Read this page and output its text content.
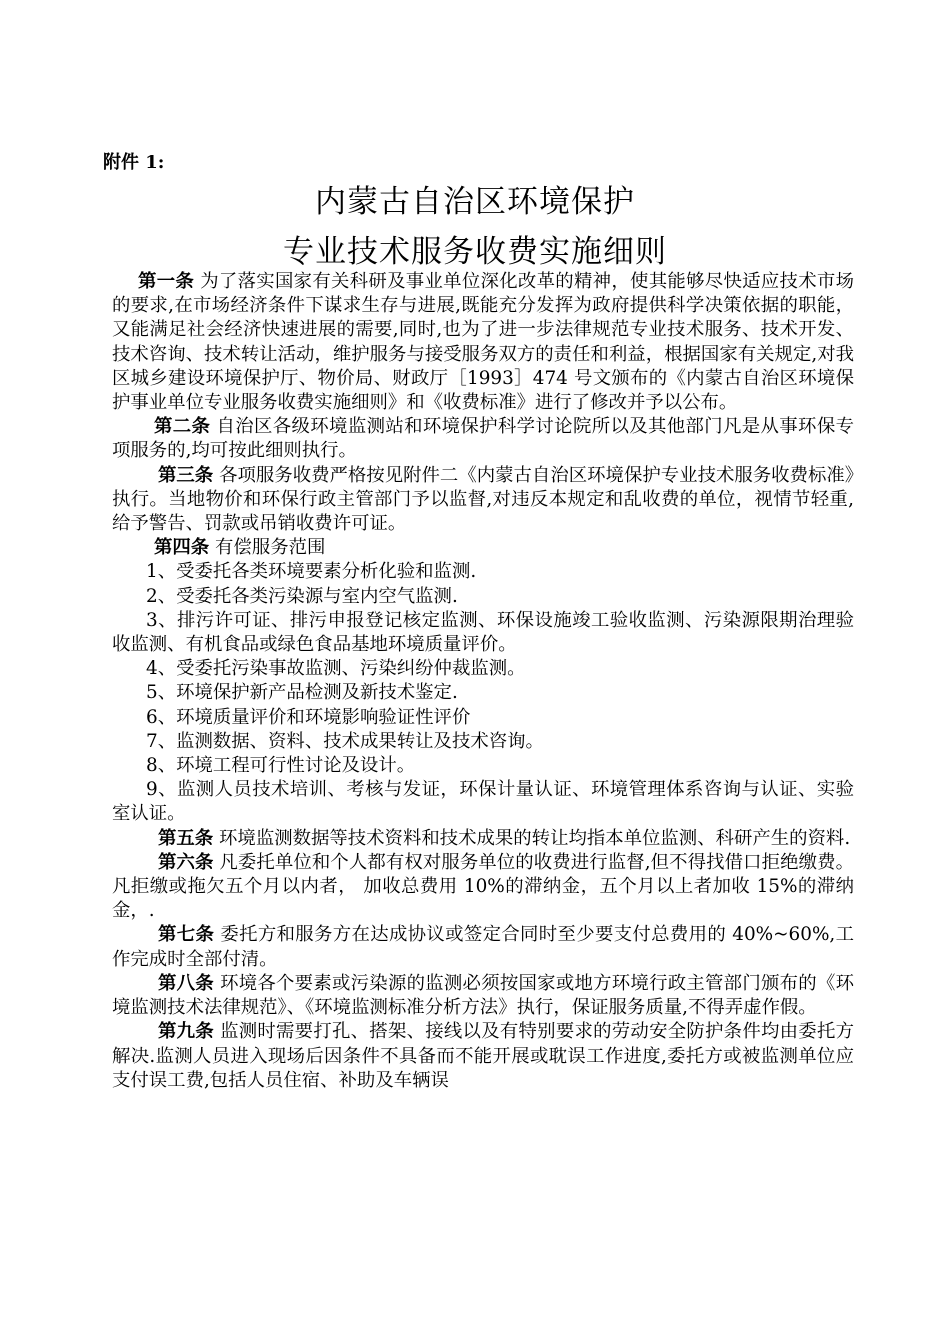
附件 1:
内蒙古自治区环境保护
专业技术服务收费实施细则

第一条 为了落实国家有关科研及事业单位深化改革的精神，使其能够尽快适应技术市场的要求,在市场经济条件下谋求生存与进展,既能充分发挥为政府提供科学决策依据的职能，又能满足社会经济快速进展的需要,同时,也为了进一步法律规范专业技术服务、技术开发、技术咨询、技术转让活动，维护服务与接受服务双方的责任和利益，根据国家有关规定,对我区城乡建设环境保护厅、物价局、财政厅［1993］474 号文颁布的《内蒙古自治区环境保护事业单位专业服务收费实施细则》和《收费标准》进行了修改并予以公布。

第二条 自治区各级环境监测站和环境保护科学讨论院所以及其他部门凡是从事环保专项服务的,均可按此细则执行。

第三条 各项服务收费严格按见附件二《内蒙古自治区环境保护专业技术服务收费标准》执行。当地物价和环保行政主管部门予以监督,对违反本规定和乱收费的单位，视情节轻重,给予警告、罚款或吊销收费许可证。

第四条 有偿服务范围

1、受委托各类环境要素分析化验和监测.

2、受委托各类污染源与室内空气监测.

3、排污许可证、排污申报登记核定监测、环保设施竣工验收监测、污染源限期治理验收监测、有机食品或绿色食品基地环境质量评价。

4、受委托污染事故监测、污染纠纷仲裁监测。

5、环境保护新产品检测及新技术鉴定.

6、环境质量评价和环境影响验证性评价

7、监测数据、资料、技术成果转让及技术咨询。

8、环境工程可行性讨论及设计。

9、监测人员技术培训、考核与发证，环保计量认证、环境管理体系咨询与认证、实验室认证。

第五条 环境监测数据等技术资料和技术成果的转让均指本单位监测、科研产生的资料.

第六条 凡委托单位和个人都有权对服务单位的收费进行监督,但不得找借口拒绝缴费。凡拒缴或拖欠五个月以内者， 加收总费用 10%的滞纳金，五个月以上者加收 15%的滞纳金，.

第七条 委托方和服务方在达成协议或签定合同时至少要支付总费用的 40%~60%,工作完成时全部付清。

第八条 环境各个要素或污染源的监测必须按国家或地方环境行政主管部门颁布的《环境监测技术法律规范》、《环境监测标准分析方法》执行，保证服务质量,不得弄虚作假。

第九条 监测时需要打孔、搭架、接线以及有特别要求的劳动安全防护条件均由委托方解决.监测人员进入现场后因条件不具备而不能开展或耽误工作进度,委托方或被监测单位应支付误工费,包括人员住宿、补助及车辆误
